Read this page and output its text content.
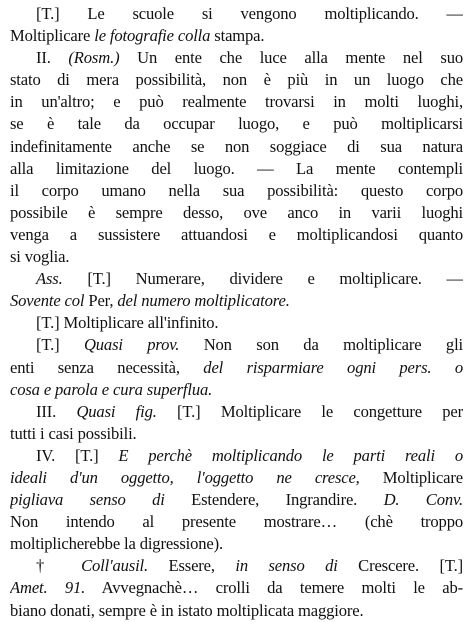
[T.] Le scuole si vengono moltiplicando. —
Moltiplicare le fotografie colla stampa.
II. (Rosm.) Un ente che luce alla mente nel suo
stato di mera possibilità, non è più in un luogo che
in un'altro; e può realmente trovarsi in molti luoghi,
se è tale da occupar luogo, e può moltiplicarsi
indefinitamente anche se non soggiace di sua natura
alla limitazione del luogo. — La mente contempli
il corpo umano nella sua possibilità: questo corpo
possibile è sempre desso, ove anco in varii luoghi
venga a sussistere attuandosi e moltiplicandosi quanto
si voglia.
Ass. [T.] Numerare, dividere e moltiplicare. —
Sovente col Per, del numero moltiplicatore.
[T.] Moltiplicare all'infinito.
[T.] Quasi prov. Non son da moltiplicare gli
enti senza necessità, del risparmiare ogni pers. o
cosa e parola e cura superflua.
III. Quasi fig. [T.] Moltiplicare le congetture per
tutti i casi possibili.
IV. [T.] E perchè moltiplicando le parti reali o
ideali d'un oggetto, l'oggetto ne cresce, Moltiplicare
pigliava senso di Estendere, Ingrandire. D. Conv.
Non intendo al presente mostrare… (chè troppo
moltiplicherebbe la digressione).
† Coll'ausil. Essere, in senso di Crescere. [T.]
Amet. 91. Avvegnachè… crolli da temere molti le ab-
biano donati, sempre è in istato moltiplicata maggiore.
